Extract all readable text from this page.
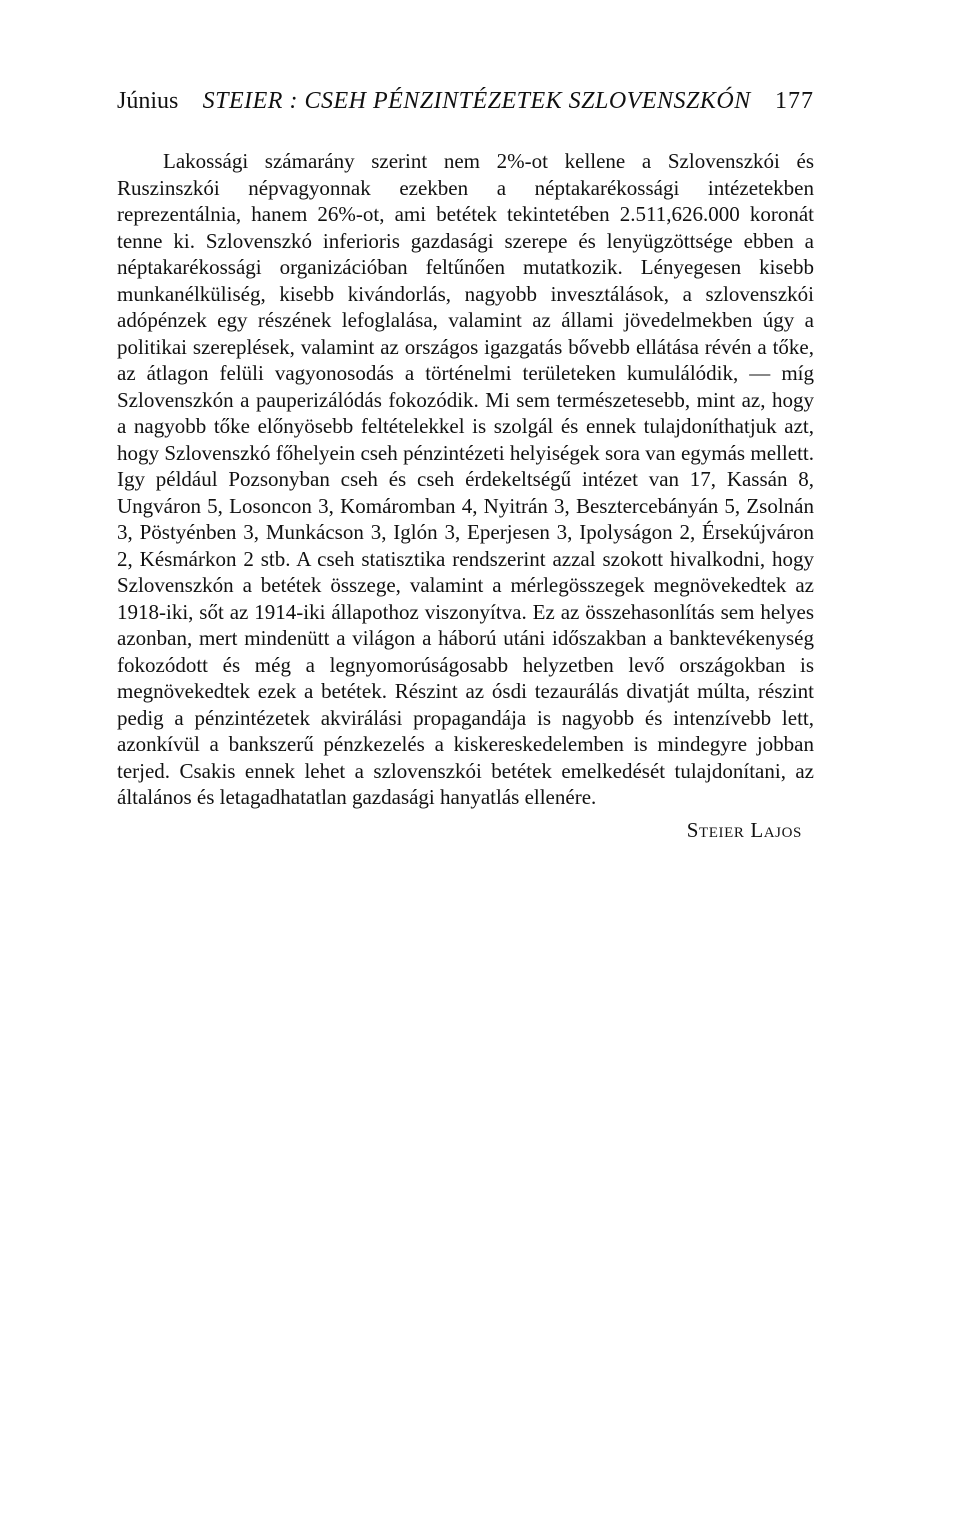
Június STEIER : CSEH PÉNZINTÉZETEK SZLOVENSZKÓN 177

Lakossági számarány szerint nem 2%-ot kellene a Szlovenszkói és Ruszinszkói népvagyonnak ezekben a néptakarékossági intézetekben reprezentálnia, hanem 26%-ot, ami betétek tekintetében 2.511,626.000 koronát tenne ki. Szlovenszkó inferioris gazdasági szerepe és lenyügzöttsége ebben a néptakarékossági organizációban feltűnően mutatkozik. Lényegesen kisebb munkanélküliség, kisebb kivándorlás, nagyobb invesztálások, a szlovenszkói adópénzek egy részének lefoglalása, valamint az állami jövedelmekben úgy a politikai szereplések, valamint az országos igazgatás bővebb ellátása révén a tőke, az átlagon felüli vagyonosodás a történelmi területeken kumulálódik, — míg Szlovenszkón a pauperizálódás fokozódik. Mi sem természetesebb, mint az, hogy a nagyobb tőke előnyösebb feltételekkel is szolgál és ennek tulajdoníthatjuk azt, hogy Szlovenszkó főhelyein cseh pénzintézeti helyiségek sora van egymás mellett. Igy például Pozsonyban cseh és cseh érdekeltségű intézet van 17, Kassán 8, Ungváron 5, Losoncon 3, Komáromban 4, Nyitrán 3, Besztercebányán 5, Zsolnán 3, Pöstyénben 3, Munkácson 3, Iglón 3, Eperjesen 3, Ipolyságon 2, Érsekújváron 2, Késmárkon 2 stb. A cseh statisztika rendszerint azzal szokott hivalkodni, hogy Szlovenszkón a betétek összege, valamint a mérlegösszegek megnövekedtek az 1918-iki, sőt az 1914-iki állapothoz viszonyítva. Ez az összehasonlítás sem helyes azonban, mert mindenütt a világon a háború utáni időszakban a banktevékenység fokozódott és még a legnyomorúságosabb helyzetben levő országokban is megnövekedtek ezek a betétek. Részint az ósdi tezaurálás divatját múlta, részint pedig a pénzintézetek akvirálási propagandája is nagyobb és intenzívebb lett, azonkívül a bankszerű pénzkezelés a kiskereskedelemben is mindegyre jobban terjed. Csakis ennek lehet a szlovenszkói betétek emelkedését tulajdonítani, az általános és letagadhatatlan gazdasági hanyatlás ellenére.

Steier Lajos
